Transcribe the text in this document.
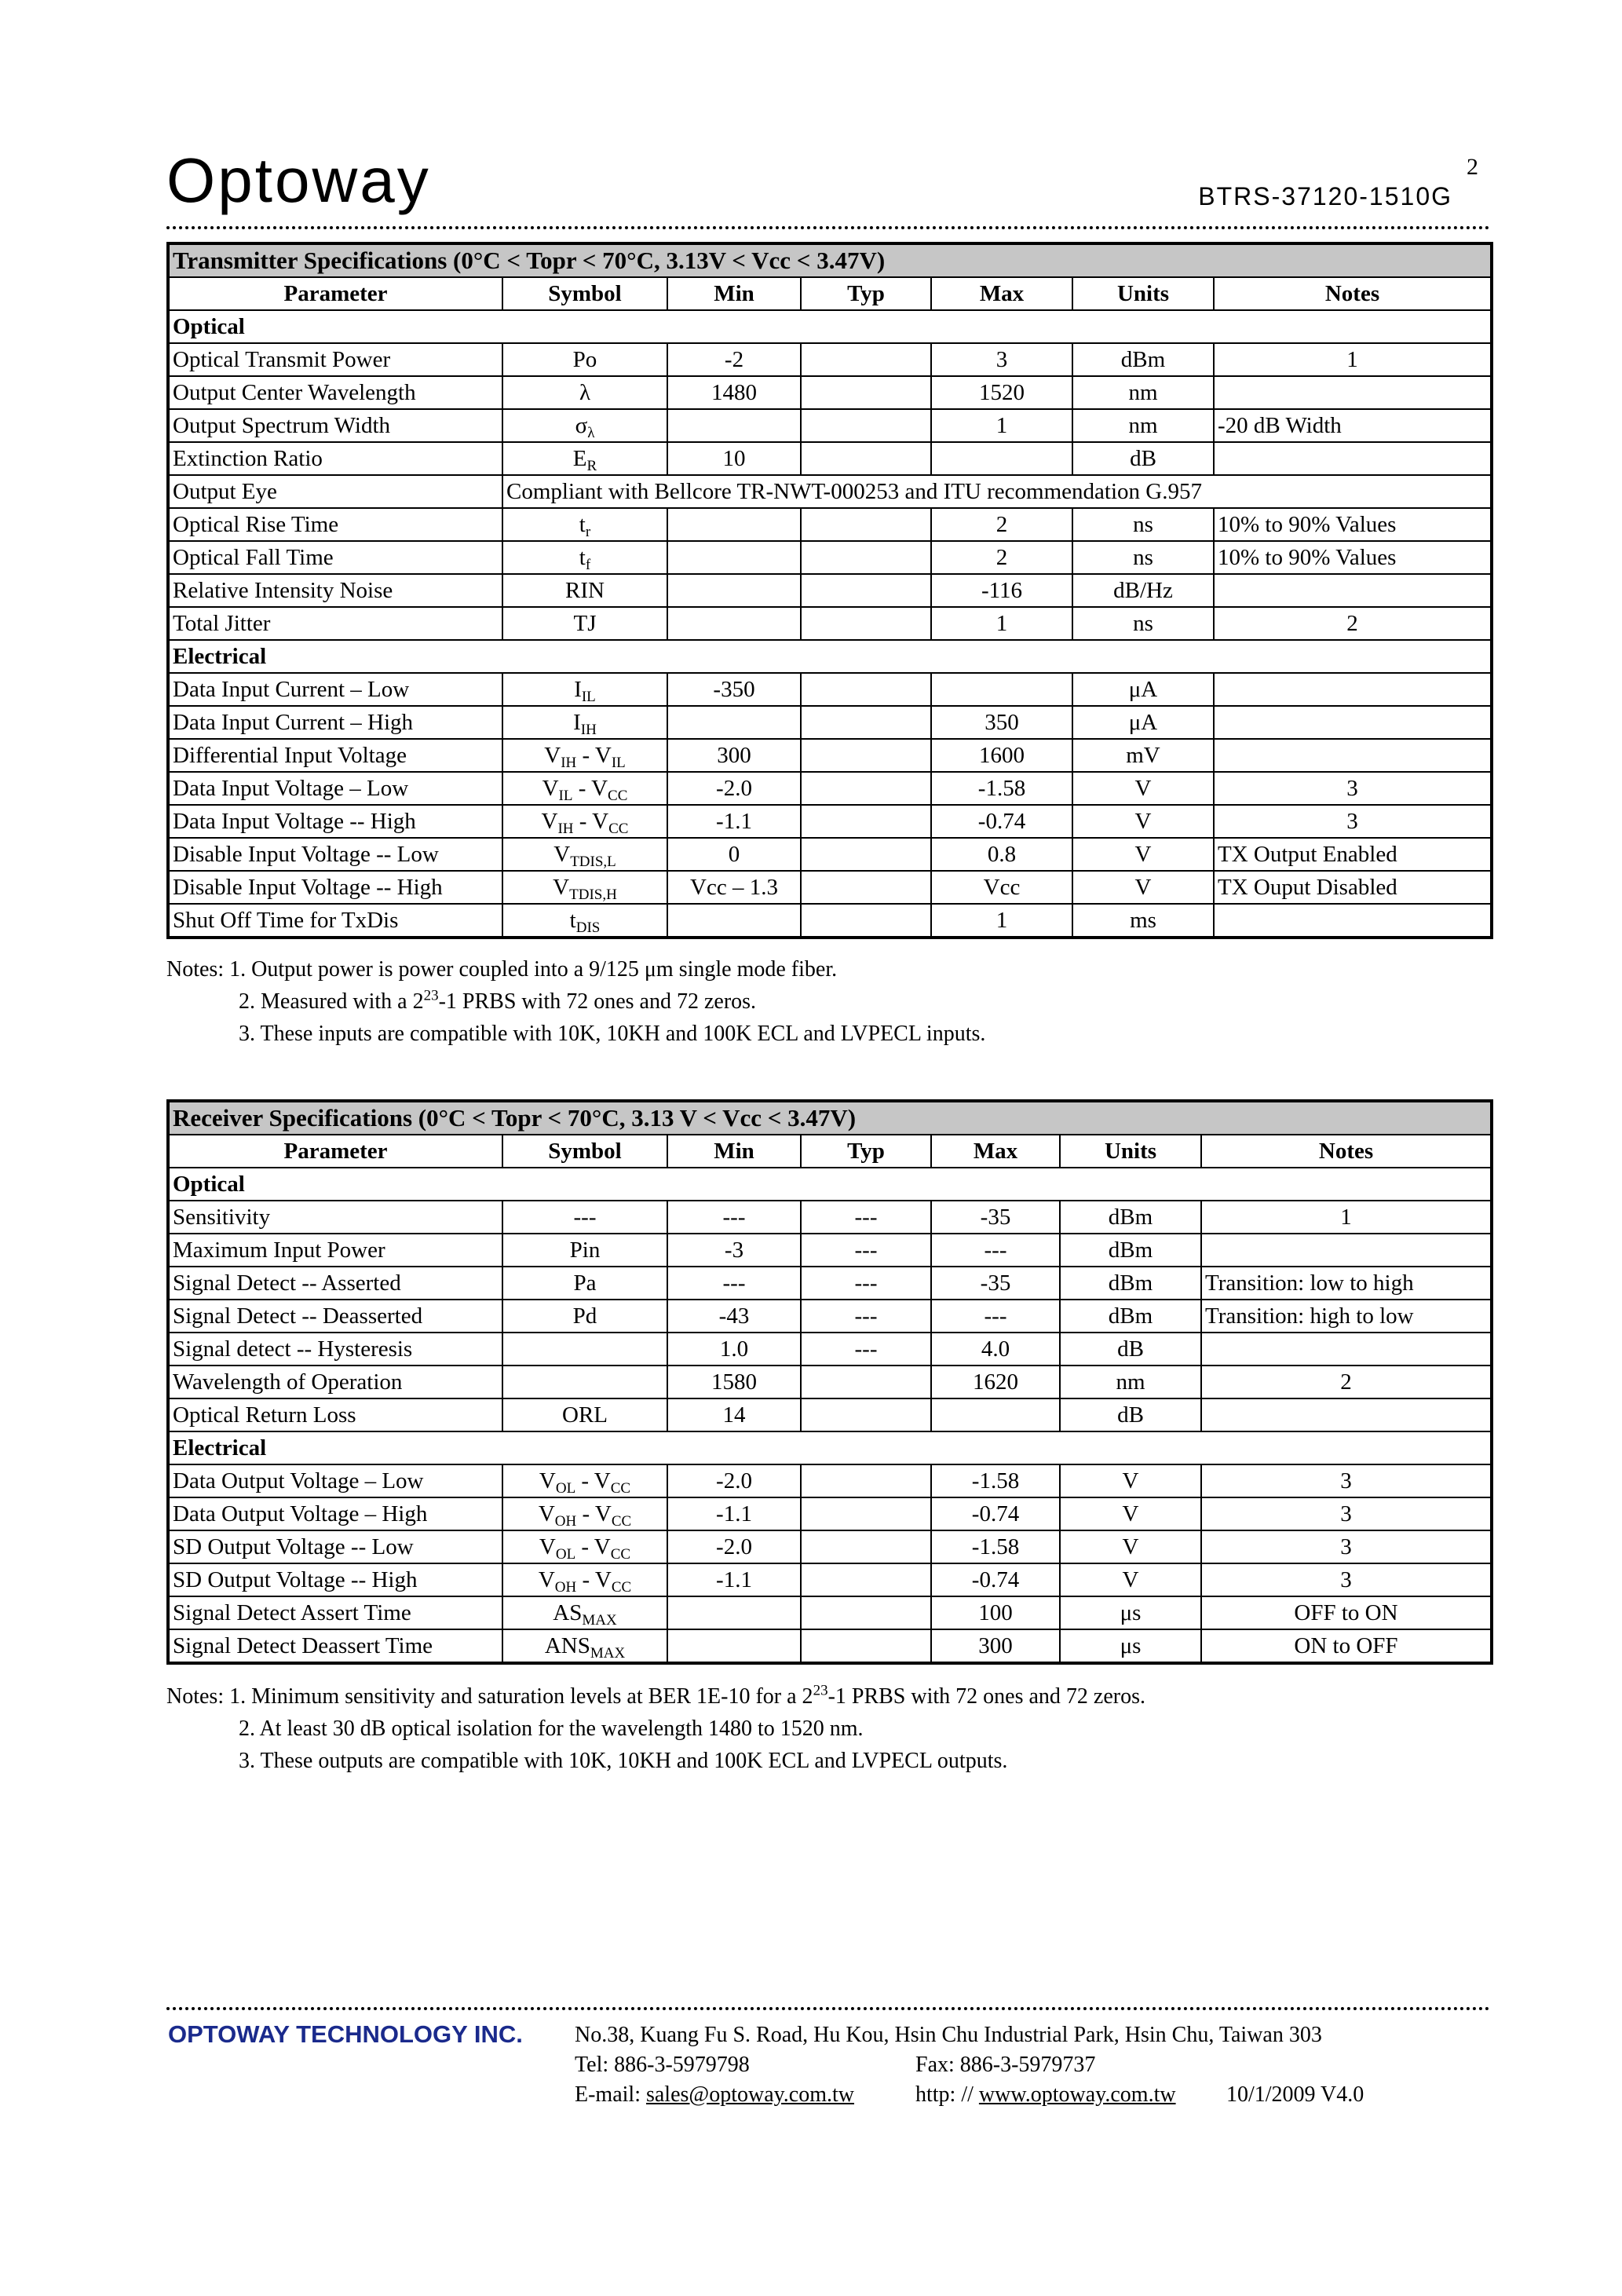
Optoway	2
BTRS-37120-1510G
Transmitter Specifications (0°C < Topr < 70°C, 3.13V < Vcc < 3.47V)						
Parameter	Symbol	Min	Typ	Max	Units	Notes
Optical						
Optical Transmit Power	Po	-2		3	dBm	1
Output Center Wavelength	λ	1480		1520	nm	
Output Spectrum Width	$\sigma_\lambda$			1	nm	-20 dB Width
Extinction Ratio	$E_R$	10			dB	
Output Eye	Compliant with Bellcore TR-NWT-000253 and ITU recommendation G.957					
Optical Rise Time	$t_r$			2	ns	10% to 90% Values
Optical Fall Time	$t_f$			2	ns	10% to 90% Values
Relative Intensity Noise	RIN			-116	dB/Hz	
Total Jitter	TJ			1	ns	2
Electrical						
Data Input Current – Low	$I_{IL}$	-350			μA	
Data Input Current – High	$I_{IH}$			350	μA	
Differential Input Voltage	$V_{IH} - V_{IL}$	300		1600	mV	
Data Input Voltage – Low	$V_{IL} - V_{CC}$	-2.0		-1.58	V	3
Data Input Voltage -- High	$V_{IH} - V_{CC}$	-1.1		-0.74	V	3
Disable Input Voltage -- Low	$V_{TDIS,L}$	0		0.8	V	TX Output Enabled
Disable Input Voltage -- High	$V_{TDIS,H}$	Vcc – 1.3		Vcc	V	TX Ouput Disabled
Shut Off Time for TxDis	$t_{DIS}$			1	ms	
Notes: 1. Output power is power coupled into a 9/125 μm single mode fiber.
2. Measured with a $2^{23}-1$ PRBS with 72 ones and 72 zeros.
3. These inputs are compatible with 10K, 10KH and 100K ECL and LVPECL inputs.
Receiver Specifications (0°C < Topr < 70°C, 3.13 V < Vcc < 3.47V)						
Parameter	Symbol	Min	Typ	Max	Units	Notes
Optical						
Sensitivity	---	---	---	-35	dBm	1
Maximum Input Power	Pin	-3	---	---	dBm	
Signal Detect -- Asserted	Pa	---	---	-35	dBm	Transition: low to high
Signal Detect -- Deasserted	Pd	-43	---	---	dBm	Transition: high to low
Signal detect -- Hysteresis		1.0	---	4.0	dB	
Wavelength of Operation		1580		1620	nm	2
Optical Return Loss	ORL	14			dB	
Electrical						
Data Output Voltage – Low	$V_{OL} - V_{CC}$	-2.0		-1.58	V	3
Data Output Voltage – High	$V_{OH} - V_{CC}$	-1.1		-0.74	V	3
SD Output Voltage -- Low	$V_{OL} - V_{CC}$	-2.0		-1.58	V	3
SD Output Voltage -- High	$V_{OH} - V_{CC}$	-1.1		-0.74	V	3
Signal Detect Assert Time	$AS_{MAX}$			100	μs	OFF to ON
Signal Detect Deassert Time	$ANS_{MAX}$			300	μs	ON to OFF
Notes: 1. Minimum sensitivity and saturation levels at BER 1E-10 for a $2^{23}-1$ PRBS with 72 ones and 72 zeros.
2. At least 30 dB optical isolation for the wavelength 1480 to 1520 nm.
3. These outputs are compatible with 10K, 10KH and 100K ECL and LVPECL outputs.
OPTOWAY TECHNOLOGY INC. No.38, Kuang Fu S. Road, Hu Kou, Hsin Chu Industrial Park, Hsin Chu, Taiwan 303
Tel: 886-3-5979798	Fax: 886-3-5979737
E-mail: sales@optoway.com.tw	http: // www.optoway.com.tw 10/1/2009 V4.0
